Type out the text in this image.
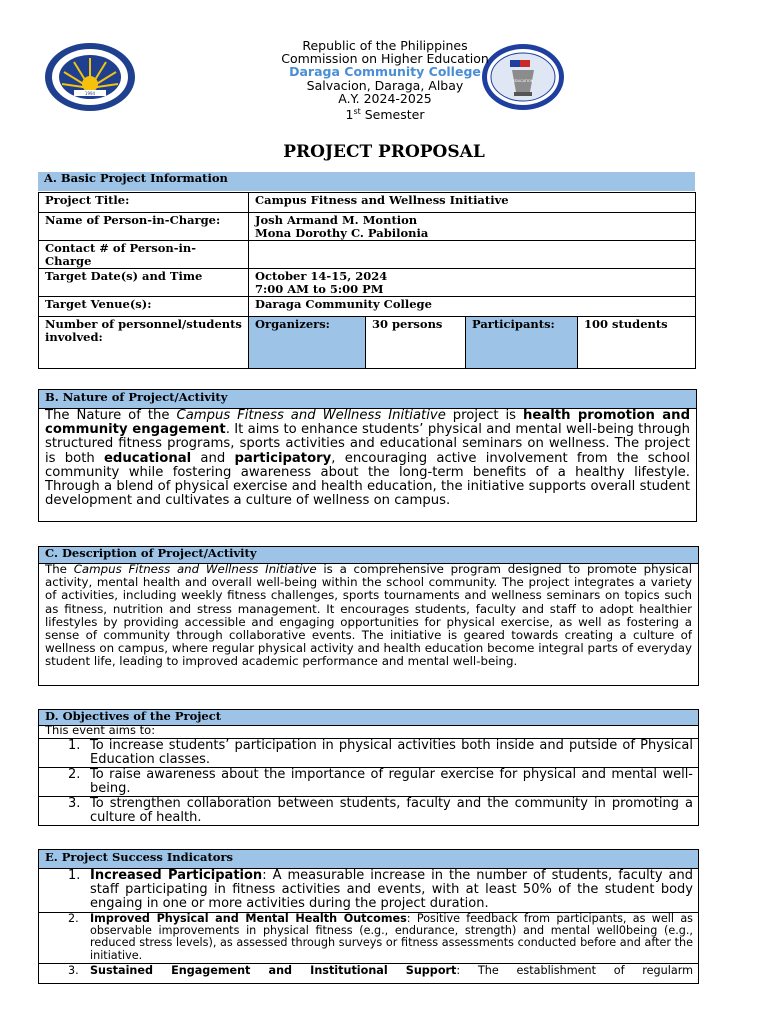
1994
EDUCATION
Republic of the Philippines
Commission on Higher Education
Daraga Community College
Salvacion, Daraga, Albay
A.Y. 2024-2025
1st Semester
PROJECT PROPOSAL
A. Basic Project Information
Project Title:	Campus Fitness and Wellness Initiative			
Name of Person-in-Charge:	Josh Armand M. Montion
Mona Dorothy C. Pabilonia			
Contact # of Person-in-Charge				
Target Date(s) and Time	October 14-15, 2024
7:00 AM to 5:00 PM			
Target Venue(s):	Daraga Community College			
Number of personnel/students involved:	Organizers:	30 persons	Participants:	100 students
B. Nature of Project/Activity
The Nature of the Campus Fitness and Wellness Initiative project is health promotion and community engagement. It aims to enhance students’ physical and mental well-being through structured fitness programs, sports activities and educational seminars on wellness. The project is both educational and participatory, encouraging active involvement from the school community while fostering awareness about the long-term benefits of a healthy lifestyle. Through a blend of physical exercise and health education, the initiative supports overall student development and cultivates a culture of wellness on campus.
C. Description of Project/Activity
The Campus Fitness and Wellness Initiative is a comprehensive program designed to promote physical activity, mental health and overall well-being within the school community. The project integrates a variety of activities, including weekly fitness challenges, sports tournaments and wellness seminars on topics such as fitness, nutrition and stress management. It encourages students, faculty and staff to adopt healthier lifestyles by providing accessible and engaging opportunities for physical exercise, as well as fostering a sense of community through collaborative events. The initiative is geared towards creating a culture of wellness on campus, where regular physical activity and health education become integral parts of everyday student life, leading to improved academic performance and mental well-being.
D. Objectives of the Project
This event aims to:
1. To increase students’ participation in physical activities both inside and putside of Physical Education classes.
2. To raise awareness about the importance of regular exercise for physical and mental well-being.
3. To strengthen collaboration between students, faculty and the community in promoting a culture of health.
E. Project Success Indicators
1. Increased Participation: A measurable increase in the number of students, faculty and staff participating in fitness activities and events, with at least 50% of the student body engaing in one or more activities during the project duration.
2. Improved Physical and Mental Health Outcomes: Positive feedback from participants, as well as observable improvements in physical fitness (e.g., endurance, strength) and mental well0being (e.g., reduced stress levels), as assessed through surveys or fitness assessments conducted before and after the initiative.
3. Sustained Engagement and Institutional Support: The establishment of regularm
